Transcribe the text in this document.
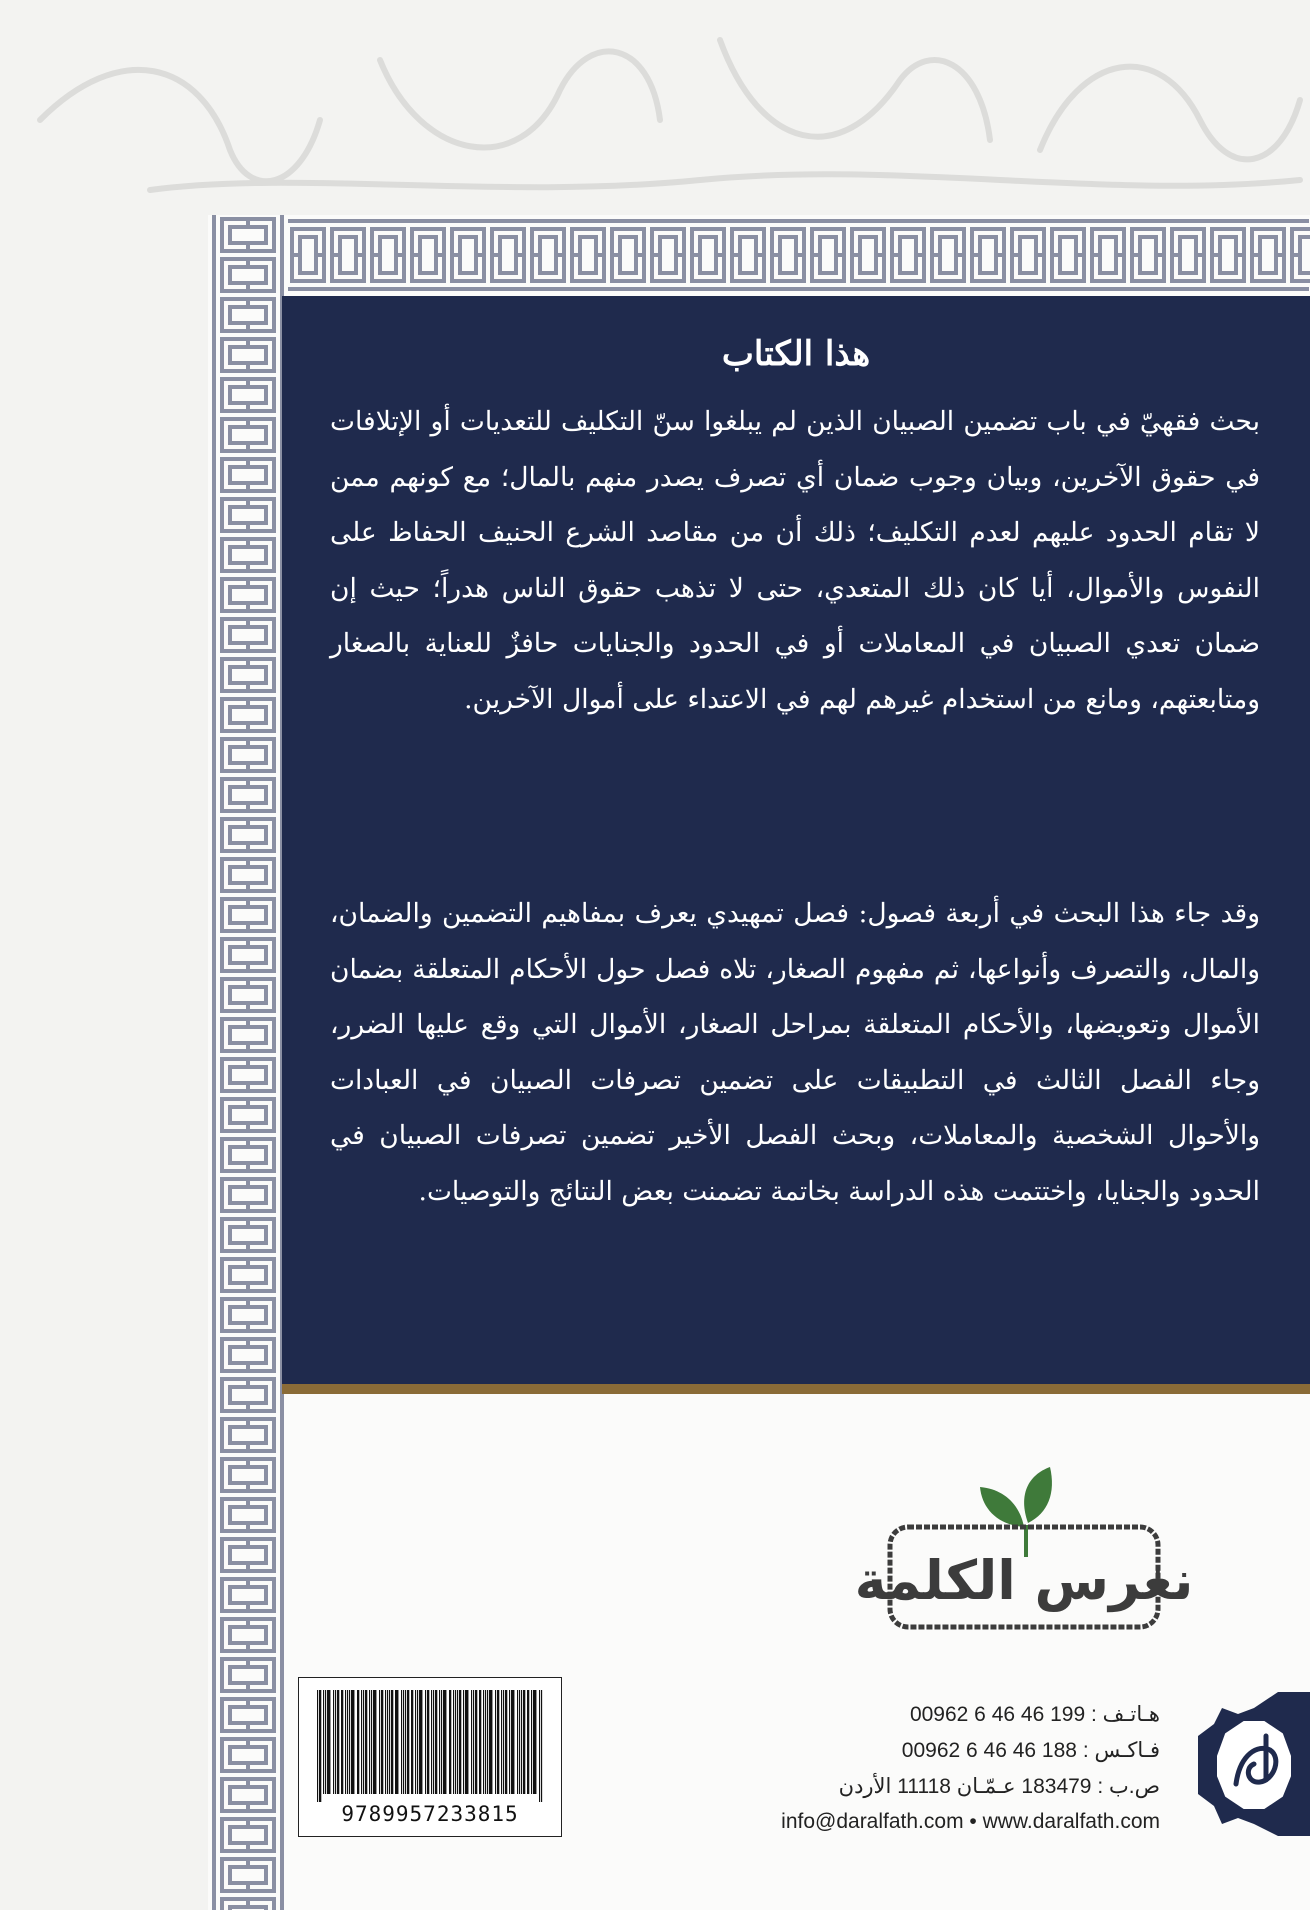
هذا الكتاب

بحث فقهيّ في باب تضمين الصبيان الذين لم يبلغوا سنّ التكليف للتعديات أو الإتلافات في حقوق الآخرين، وبيان وجوب ضمان أي تصرف يصدر منهم بالمال؛ مع كونهم ممن لا تقام الحدود عليهم لعدم التكليف؛ ذلك أن من مقاصد الشرع الحنيف الحفاظ على النفوس والأموال، أيا كان ذلك المتعدي، حتى لا تذهب حقوق الناس هدراً؛ حيث إن ضمان تعدي الصبيان في المعاملات أو في الحدود والجنايات حافزٌ للعناية بالصغار ومتابعتهم، ومانع من استخدام غيرهم لهم في الاعتداء على أموال الآخرين.

وقد جاء هذا البحث في أربعة فصول: فصل تمهيدي يعرف بمفاهيم التضمين والضمان، والمال، والتصرف وأنواعها، ثم مفهوم الصغار، تلاه فصل حول الأحكام المتعلقة بضمان الأموال وتعويضها، والأحكام المتعلقة بمراحل الصغار، الأموال التي وقع عليها الضرر، وجاء الفصل الثالث في التطبيقات على تضمين تصرفات الصبيان في العبادات والأحوال الشخصية والمعاملات، وبحث الفصل الأخير تضمين تصرفات الصبيان في الحدود والجنايا، واختتمت هذه الدراسة بخاتمة تضمنت بعض النتائج والتوصيات.

نغرس الكلمة
9789957233815
هـاتـف : 00962 6 46 46 199
فـاكـس : 00962 6 46 46 188
ص.ب : 183479 عـمّـان 11118 الأردن
info@daralfath.com • www.daralfath.com
